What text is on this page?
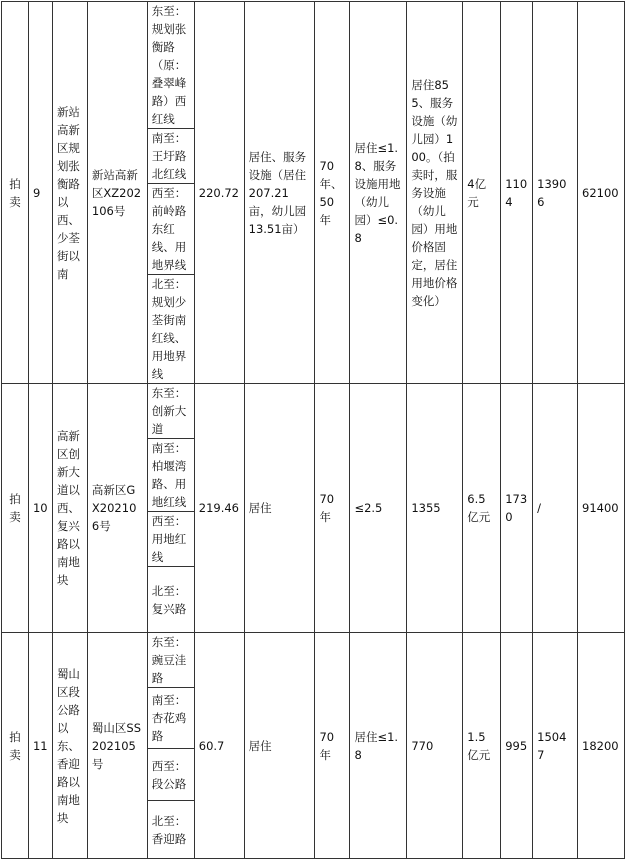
拍卖	9	新站高新区规划张衡路以西、少荃街以南	新站高新区XZ202106号	东至：规划张衡路（原：叠翠峰路）西红线	220.72	居住、服务设施（居住207.21亩，幼儿园13.51亩）	70年、50年	居住≤1.8、服务设施用地（幼儿园）≤0.8	居住855、服务设施（幼儿园）100。（拍卖时，服务设施（幼儿园）用地价格固定，居住用地价格变化）	4亿元	1104	13906	62100
				南至：王圩路北红线									
				西至：前岭路东红线、用地界线									
				北至：规划少荃街南红线、用地界线									
拍卖	10	高新区创新大道以西、复兴路以南地块	高新区GX202106号	东至：创新大道	219.46	居住	70年	≤2.5	1355	6.5亿元	1730	/	91400
				南至：柏堰湾路、用地红线									
				西至：用地红线									
				北至：复兴路									
拍卖	11	蜀山区段公路以东、香迎路以南地块	蜀山区SS202105号	东至：豌豆洼路	60.7	居住	70年	居住≤1.8	770	1.5亿元	995	15047	18200
				南至：杏花鸡路									
				西至：段公路									
				北至：香迎路									
